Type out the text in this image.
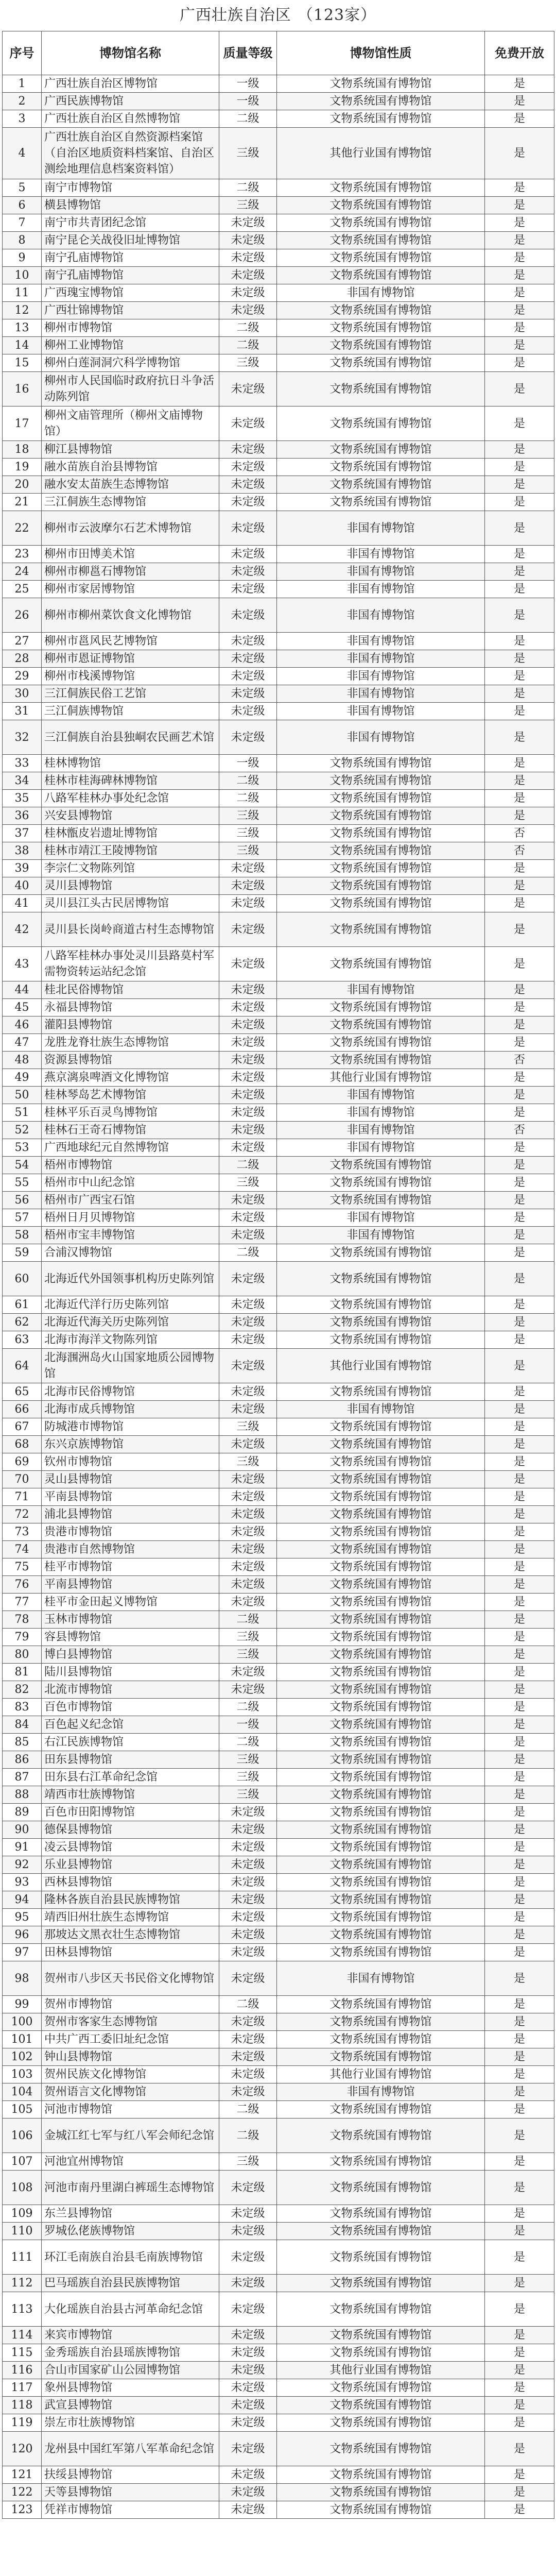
广西壮族自治区 （123家）
序号	博物馆名称	质量等级	博物馆性质	免费开放
1	广西壮族自治区博物馆	一级	文物系统国有博物馆	是
2	广西民族博物馆	一级	文物系统国有博物馆	是
3	广西壮族自治区自然博物馆	二级	文物系统国有博物馆	是
4	广西壮族自治区自然资源档案馆（自治区地质资料档案馆、自治区测绘地理信息档案资料馆）	三级	其他行业国有博物馆	是
5	南宁市博物馆	二级	文物系统国有博物馆	是
6	横县博物馆	三级	文物系统国有博物馆	是
7	南宁市共青团纪念馆	未定级	文物系统国有博物馆	是
8	南宁昆仑关战役旧址博物馆	未定级	文物系统国有博物馆	是
9	南宁孔庙博物馆	未定级	文物系统国有博物馆	是
10	南宁孔庙博物馆	未定级	文物系统国有博物馆	是
11	广西瑰宝博物馆	未定级	非国有博物馆	是
12	广西壮锦博物馆	未定级	文物系统国有博物馆	是
13	柳州市博物馆	二级	文物系统国有博物馆	是
14	柳州工业博物馆	二级	文物系统国有博物馆	是
15	柳州白莲洞洞穴科学博物馆	三级	文物系统国有博物馆	是
16	柳州市人民国临时政府抗日斗争活动陈列馆	未定级	文物系统国有博物馆	是
17	柳州文庙管理所（柳州文庙博物馆）	未定级	文物系统国有博物馆	是
18	柳江县博物馆	未定级	文物系统国有博物馆	是
19	融水苗族自治县博物馆	未定级	文物系统国有博物馆	是
20	融水安太苗族生态博物馆	未定级	文物系统国有博物馆	是
21	三江侗族生态博物馆	未定级	文物系统国有博物馆	是
22	柳州市云波摩尔石艺术博物馆	未定级	非国有博物馆	是
23	柳州市田博美术馆	未定级	非国有博物馆	是
24	柳州市柳邕石博物馆	未定级	非国有博物馆	是
25	柳州市家居博物馆	未定级	非国有博物馆	是
26	柳州市柳州菜饮食文化博物馆	未定级	非国有博物馆	是
27	柳州市邕风民艺博物馆	未定级	非国有博物馆	是
28	柳州市恩证博物馆	未定级	非国有博物馆	是
29	柳州市栈溪博物馆	未定级	非国有博物馆	是
30	三江侗族民俗工艺馆	未定级	非国有博物馆	是
31	三江侗族博物馆	未定级	非国有博物馆	是
32	三江侗族自治县独峒农民画艺术馆	未定级	非国有博物馆	是
33	桂林博物馆	一级	文物系统国有博物馆	是
34	桂林市桂海碑林博物馆	二级	文物系统国有博物馆	是
35	八路军桂林办事处纪念馆	二级	文物系统国有博物馆	是
36	兴安县博物馆	三级	文物系统国有博物馆	是
37	桂林甑皮岩遗址博物馆	三级	文物系统国有博物馆	否
38	桂林市靖江王陵博物馆	三级	文物系统国有博物馆	否
39	李宗仁文物陈列馆	未定级	文物系统国有博物馆	是
40	灵川县博物馆	未定级	文物系统国有博物馆	是
41	灵川县江头古民居博物馆	未定级	文物系统国有博物馆	是
42	灵川县长岗岭商道古村生态博物馆	未定级	文物系统国有博物馆	是
43	八路军桂林办事处灵川县路莫村军需物资转运站纪念馆	未定级	文物系统国有博物馆	是
44	桂北民俗博物馆	未定级	非国有博物馆	是
45	永福县博物馆	未定级	文物系统国有博物馆	是
46	灌阳县博物馆	未定级	文物系统国有博物馆	是
47	龙胜龙脊壮族生态博物馆	未定级	文物系统国有博物馆	是
48	资源县博物馆	未定级	文物系统国有博物馆	否
49	燕京漓泉啤酒文化博物馆	未定级	其他行业国有博物馆	是
50	桂林琴岛艺术博物馆	未定级	非国有博物馆	是
51	桂林平乐百灵鸟博物馆	未定级	非国有博物馆	是
52	桂林石王奇石博物馆	未定级	非国有博物馆	否
53	广西地球纪元自然博物馆	未定级	非国有博物馆	是
54	梧州市博物馆	二级	文物系统国有博物馆	是
55	梧州市中山纪念馆	三级	文物系统国有博物馆	是
56	梧州市广西宝石馆	未定级	文物系统国有博物馆	是
57	梧州日月贝博物馆	未定级	非国有博物馆	是
58	梧州市宝丰博物馆	未定级	非国有博物馆	是
59	合浦汉博物馆	二级	文物系统国有博物馆	是
60	北海近代外国领事机构历史陈列馆	未定级	文物系统国有博物馆	是
61	北海近代洋行历史陈列馆	未定级	文物系统国有博物馆	是
62	北海近代海关历史陈列馆	未定级	文物系统国有博物馆	是
63	北海市海洋文物陈列馆	未定级	文物系统国有博物馆	是
64	北海涠洲岛火山国家地质公园博物馆	未定级	其他行业国有博物馆	是
65	北海市民俗博物馆	未定级	文物系统国有博物馆	是
66	北海市成兵博物馆	未定级	非国有博物馆	是
67	防城港市博物馆	三级	文物系统国有博物馆	是
68	东兴京族博物馆	未定级	文物系统国有博物馆	是
69	钦州市博物馆	三级	文物系统国有博物馆	是
70	灵山县博物馆	未定级	文物系统国有博物馆	是
71	平南县博物馆	未定级	文物系统国有博物馆	是
72	浦北县博物馆	未定级	文物系统国有博物馆	是
73	贵港市博物馆	未定级	文物系统国有博物馆	是
74	贵港市自然博物馆	未定级	文物系统国有博物馆	是
75	桂平市博物馆	未定级	文物系统国有博物馆	是
76	平南县博物馆	未定级	文物系统国有博物馆	是
77	桂平市金田起义博物馆	未定级	文物系统国有博物馆	是
78	玉林市博物馆	二级	文物系统国有博物馆	是
79	容县博物馆	三级	文物系统国有博物馆	是
80	博白县博物馆	三级	文物系统国有博物馆	是
81	陆川县博物馆	未定级	文物系统国有博物馆	是
82	北流市博物馆	未定级	文物系统国有博物馆	是
83	百色市博物馆	二级	文物系统国有博物馆	是
84	百色起义纪念馆	一级	文物系统国有博物馆	是
85	右江民族博物馆	二级	文物系统国有博物馆	是
86	田东县博物馆	三级	文物系统国有博物馆	是
87	田东县右江革命纪念馆	三级	文物系统国有博物馆	是
88	靖西市壮族博物馆	三级	文物系统国有博物馆	是
89	百色市田阳博物馆	未定级	文物系统国有博物馆	是
90	德保县博物馆	未定级	文物系统国有博物馆	是
91	凌云县博物馆	未定级	文物系统国有博物馆	是
92	乐业县博物馆	未定级	文物系统国有博物馆	是
93	西林县博物馆	未定级	文物系统国有博物馆	是
94	隆林各族自治县民族博物馆	未定级	文物系统国有博物馆	是
95	靖西旧州壮族生态博物馆	未定级	文物系统国有博物馆	是
96	那坡达文黑衣壮生态博物馆	未定级	文物系统国有博物馆	是
97	田林县博物馆	未定级	文物系统国有博物馆	是
98	贺州市八步区天书民俗文化博物馆	未定级	非国有博物馆	是
99	贺州市博物馆	二级	文物系统国有博物馆	是
100	贺州市客家生态博物馆	未定级	文物系统国有博物馆	是
101	中共广西工委旧址纪念馆	未定级	文物系统国有博物馆	是
102	钟山县博物馆	未定级	文物系统国有博物馆	是
103	贺州民族文化博物馆	未定级	其他行业国有博物馆	是
104	贺州语言文化博物馆	未定级	非国有博物馆	是
105	河池市博物馆	二级	文物系统国有博物馆	是
106	金城江红七军与红八军会师纪念馆	二级	文物系统国有博物馆	是
107	河池宜州博物馆	三级	文物系统国有博物馆	是
108	河池市南丹里湖白裤瑶生态博物馆	未定级	文物系统国有博物馆	是
109	东兰县博物馆	未定级	文物系统国有博物馆	是
110	罗城仫佬族博物馆	未定级	文物系统国有博物馆	是
111	环江毛南族自治县毛南族博物馆	未定级	文物系统国有博物馆	是
112	巴马瑶族自治县民族博物馆	未定级	文物系统国有博物馆	是
113	大化瑶族自治县古河革命纪念馆	未定级	文物系统国有博物馆	是
114	来宾市博物馆	未定级	文物系统国有博物馆	是
115	金秀瑶族自治县瑶族博物馆	未定级	文物系统国有博物馆	是
116	合山市国家矿山公园博物馆	未定级	其他行业国有博物馆	是
117	象州县博物馆	未定级	文物系统国有博物馆	是
118	武宣县博物馆	未定级	文物系统国有博物馆	是
119	崇左市壮族博物馆	未定级	文物系统国有博物馆	是
120	龙州县中国红军第八军革命纪念馆	未定级	文物系统国有博物馆	是
121	扶绥县博物馆	未定级	文物系统国有博物馆	是
122	天等县博物馆	未定级	文物系统国有博物馆	是
123	凭祥市博物馆	未定级	文物系统国有博物馆	是
